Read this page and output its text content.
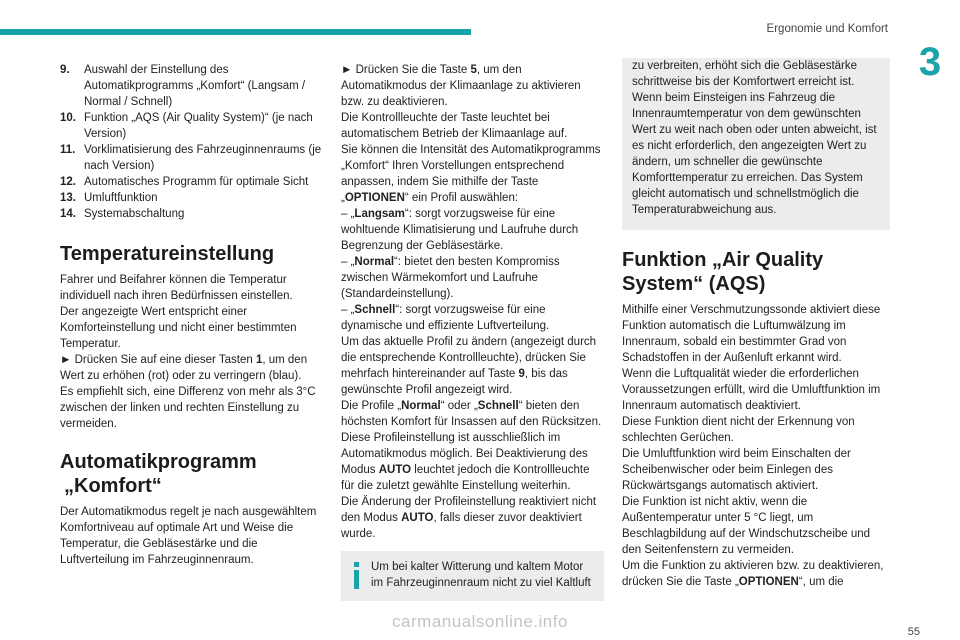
Ergonomie und Komfort
3
9.	Auswahl der Einstellung des Automatikprogramms „Komfort“ (Langsam / Normal / Schnell)
10. Funktion „AQS (Air Quality System)“ (je nach Version)
11. Vorklimatisierung des Fahrzeuginnenraums (je nach Version)
12. Automatisches Programm für optimale Sicht
13. Umluftfunktion
14. Systemabschaltung
Temperatureinstellung

Fahrer und Beifahrer können die Temperatur individuell nach ihren Bedürfnissen einstellen.

Der angezeigte Wert entspricht einer Komforteinstellung und nicht einer bestimmten Temperatur.

► Drücken Sie auf eine dieser Tasten 1, um den Wert zu erhöhen (rot) oder zu verringern (blau).

Es empfiehlt sich, eine Differenz von mehr als 3°C zwischen der linken und rechten Einstellung zu vermeiden.

Automatikprogramm
„Komfort“

Der Automatikmodus regelt je nach ausgewähltem Komfortniveau auf optimale Art und Weise die Temperatur, die Gebläsestärke und die Luftverteilung im Fahrzeuginnenraum.

► Drücken Sie die Taste 5, um den Automatikmodus der Klimaanlage zu aktivieren bzw. zu deaktivieren.

Die Kontrollleuchte der Taste leuchtet bei automatischem Betrieb der Klimaanlage auf.

Sie können die Intensität des Automatikprogramms „Komfort“ Ihren Vorstellungen entsprechend anpassen, indem Sie mithilfe der Taste „OPTIONEN“ ein Profil auswählen:

– „Langsam“: sorgt vorzugsweise für eine wohltuende Klimatisierung und Laufruhe durch Begrenzung der Gebläsestärke.

– „Normal“: bietet den besten Kompromiss zwischen Wärmekomfort und Laufruhe (Standardeinstellung).

– „Schnell“: sorgt vorzugsweise für eine dynamische und effiziente Luftverteilung.

Um das aktuelle Profil zu ändern (angezeigt durch die entsprechende Kontrollleuchte), drücken Sie mehrfach hintereinander auf Taste 9, bis das gewünschte Profil angezeigt wird.

Die Profile „Normal“ oder „Schnell“ bieten den höchsten Komfort für Insassen auf den Rücksitzen.

Diese Profileinstellung ist ausschließlich im Automatikmodus möglich. Bei Deaktivierung des Modus AUTO leuchtet jedoch die Kontrollleuchte für die zuletzt gewählte Einstellung weiterhin.

Die Änderung der Profileinstellung reaktiviert nicht den Modus AUTO, falls dieser zuvor deaktiviert wurde.

Um bei kalter Witterung und kaltem Motor im Fahrzeuginnenraum nicht zu viel Kaltluft

zu verbreiten, erhöht sich die Gebläsestärke schrittweise bis der Komfortwert erreicht ist. Wenn beim Einsteigen ins Fahrzeug die Innenraumtemperatur von dem gewünschten Wert zu weit nach oben oder unten abweicht, ist es nicht erforderlich, den angezeigten Wert zu ändern, um schneller die gewünschte Komforttemperatur zu erreichen. Das System gleicht automatisch und schnellstmöglich die Temperaturabweichung aus.

Funktion „Air Quality
System“ (AQS)

Mithilfe einer Verschmutzungssonde aktiviert diese Funktion automatisch die Luftumwälzung im Innenraum, sobald ein bestimmter Grad von Schadstoffen in der Außenluft erkannt wird.

Wenn die Luftqualität wieder die erforderlichen Voraussetzungen erfüllt, wird die Umluftfunktion im Innenraum automatisch deaktiviert.

Diese Funktion dient nicht der Erkennung von schlechten Gerüchen.

Die Umluftfunktion wird beim Einschalten der Scheibenwischer oder beim Einlegen des Rückwärtsgangs automatisch aktiviert.

Die Funktion ist nicht aktiv, wenn die Außentemperatur unter 5 °C liegt, um Beschlagbildung auf der Windschutzscheibe und den Seitenfenstern zu vermeiden.

Um die Funktion zu aktivieren bzw. zu deaktivieren, drücken Sie die Taste „OPTIONEN“, um die

carmanualsonline.info
55
